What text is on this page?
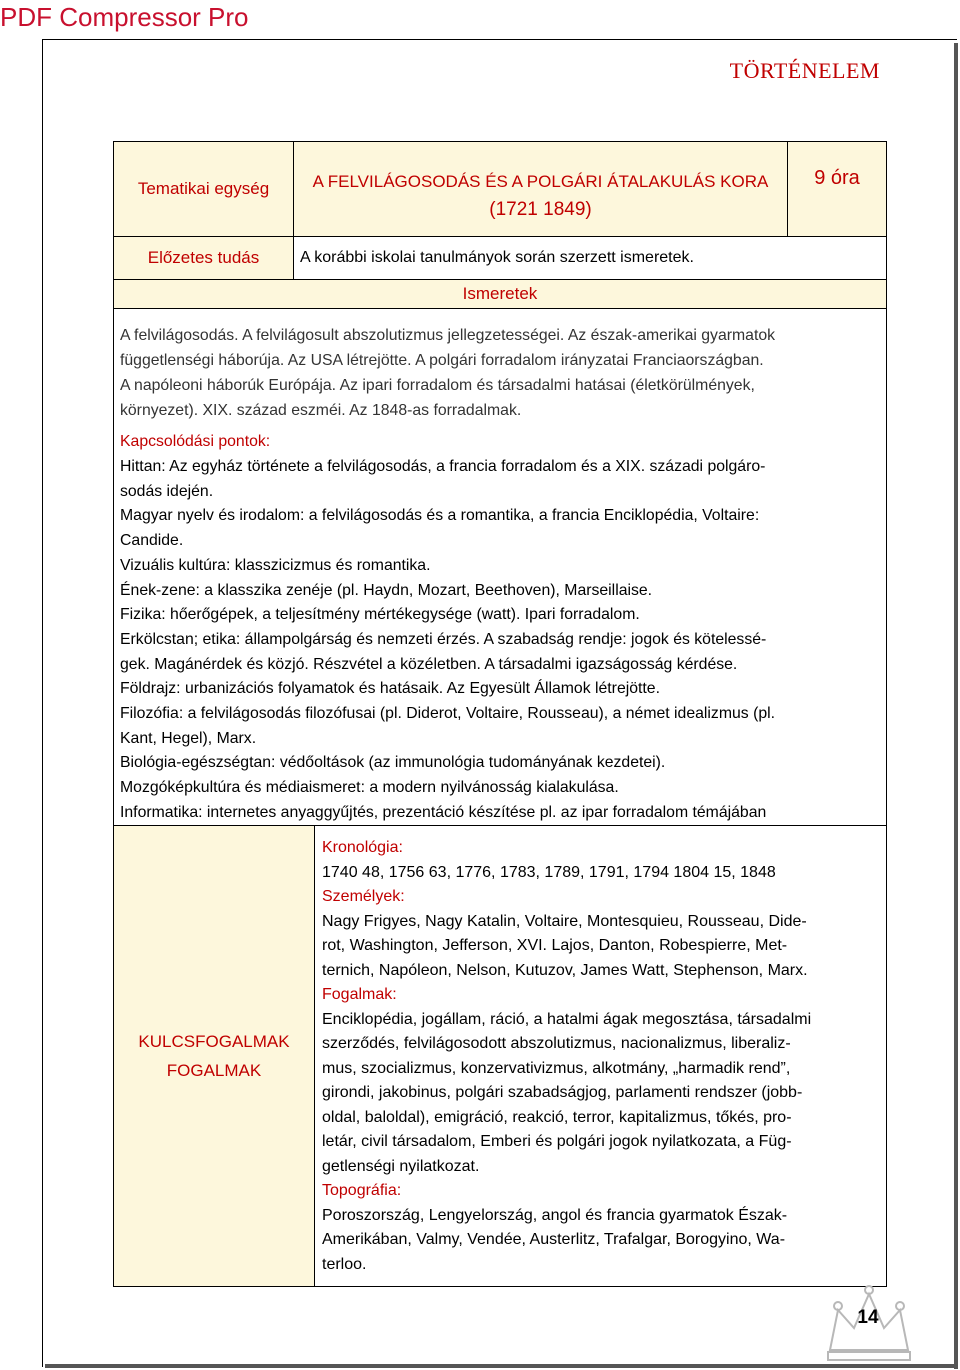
PDF Compressor Pro
TÖRTÉNELEM
Tematikai egység	A FELVILÁGOSODÁS ÉS A POLGÁRI ÁTALAKULÁS KORA
(1721 1849)
9 óra
Előzetes tudás	A korábbi iskolai tanulmányok során szerzett ismeretek.
Ismeretek

A felvilágosodás. A felvilágosult abszolutizmus jellegzetességei. Az észak-amerikai gyarmatok

függetlenségi háborúja. Az USA létrejötte. A polgári forradalom irányzatai Franciaországban.

A napóleoni háborúk Európája. Az ipari forradalom és társadalmi hatásai (életkörülmények,

környezet). XIX. század eszméi. Az 1848-as forradalmak.

Kapcsolódási pontok:

Hittan: Az egyház története a felvilágosodás, a francia forradalom és a XIX. századi polgáro-

sodás idején.

Magyar nyelv és irodalom: a felvilágosodás és a romantika, a francia Enciklopédia, Voltaire:

Candide.

Vizuális kultúra: klasszicizmus és romantika.

Ének-zene: a klasszika zenéje (pl. Haydn, Mozart, Beethoven), Marseillaise.

Fizika: hőerőgépek, a teljesítmény mértékegysége (watt). Ipari forradalom.

Erkölcstan; etika: állampolgárság és nemzeti érzés. A szabadság rendje: jogok és kötelessé-

gek. Magánérdek és közjó. Részvétel a közéletben. A társadalmi igazságosság kérdése.

Földrajz: urbanizációs folyamatok és hatásaik. Az Egyesült Államok létrejötte.

Filozófia: a felvilágosodás filozófusai (pl. Diderot, Voltaire, Rousseau), a német idealizmus (pl.

Kant, Hegel), Marx.

Biológia-egészségtan: védőoltások (az immunológia tudományának kezdetei).

Mozgóképkultúra és médiaismeret: a modern nyilvánosság kialakulása.

Informatika: internetes anyaggyűjtés, prezentáció készítése pl. az ipar forradalom témájában

KULCSFOGALMAK
FOGALMAK

Kronológia:

1740 48, 1756 63, 1776, 1783, 1789, 1791, 1794 1804 15, 1848

Személyek:

Nagy Frigyes, Nagy Katalin, Voltaire, Montesquieu, Rousseau, Dide-

rot, Washington, Jefferson, XVI. Lajos, Danton, Robespierre, Met-

ternich, Napóleon, Nelson, Kutuzov, James Watt, Stephenson, Marx.

Fogalmak:

Enciklopédia, jogállam, ráció, a hatalmi ágak megosztása, társadalmi

szerződés, felvilágosodott abszolutizmus, nacionalizmus, liberaliz-

mus, szocializmus, konzervativizmus, alkotmány, „harmadik rend”,

girondi, jakobinus, polgári szabadságjog, parlamenti rendszer (jobb-

oldal, baloldal), emigráció, reakció, terror, kapitalizmus, tőkés, pro-

letár, civil társadalom, Emberi és polgári jogok nyilatkozata, a Füg-

getlenségi nyilatkozat.

Topográfia:

Poroszország, Lengyelország, angol és francia gyarmatok Észak-

Amerikában, Valmy, Vendée, Austerlitz, Trafalgar, Borogyino, Wa-

terloo.

14
